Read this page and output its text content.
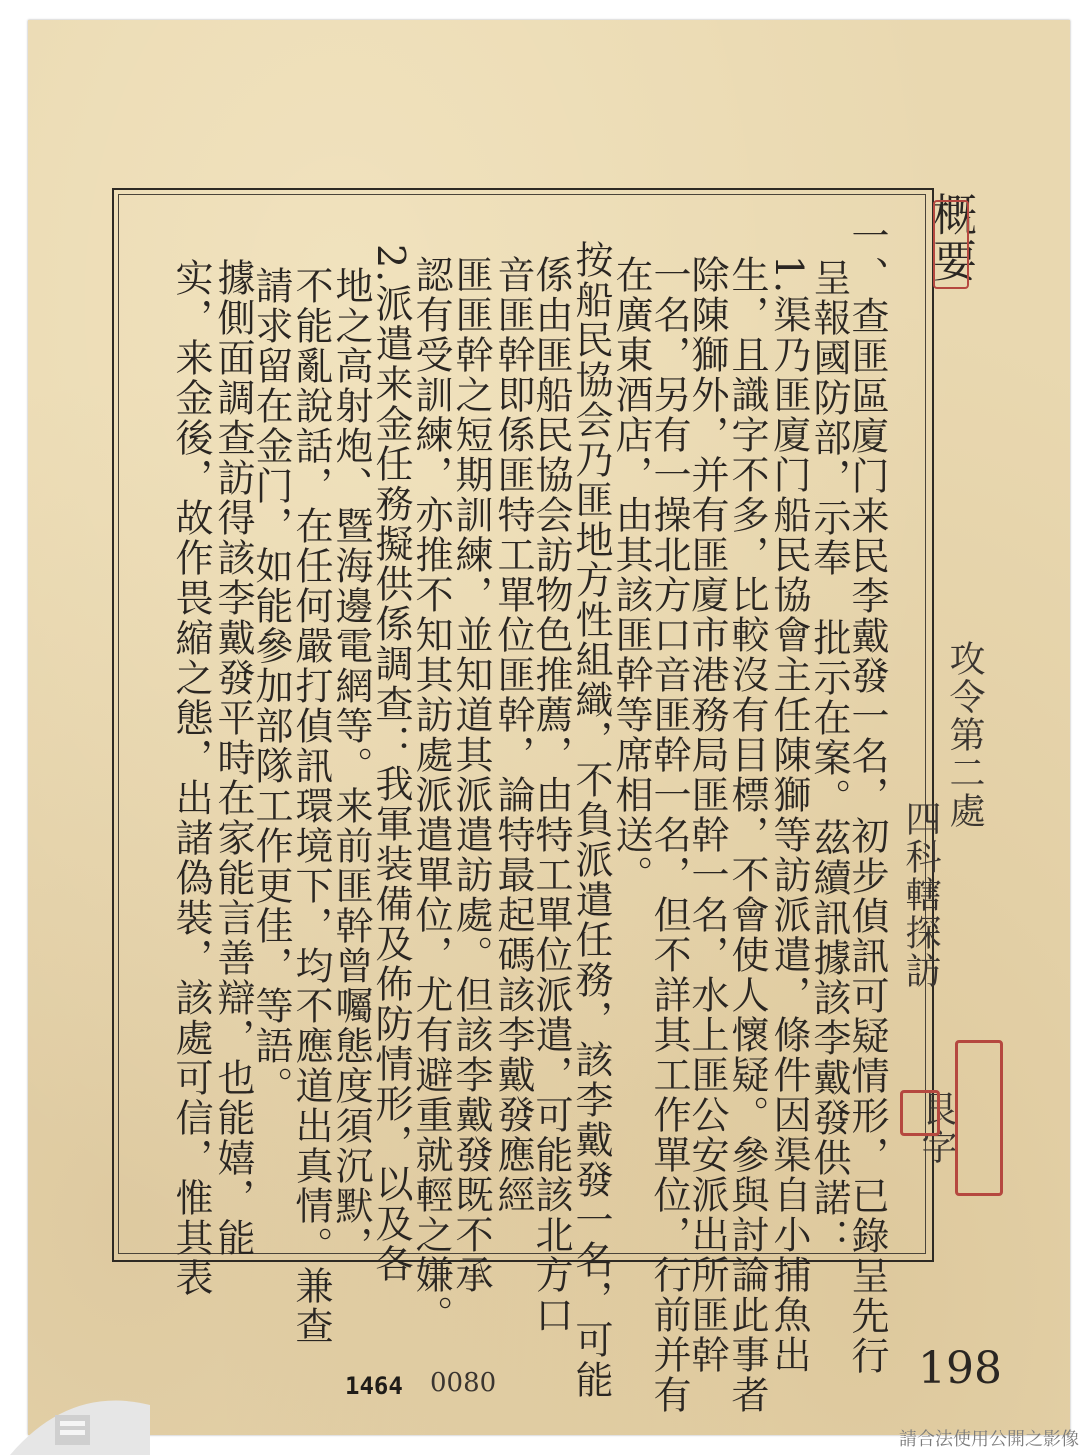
概要
攻令第二處
四科轄探訪
艮字
一、查匪區廈门来民李戴發一名，初步偵訊可疑情形，已錄呈先行
呈報國防部，示奉　批示在案。茲續訊據該李戴發供諾：
1.渠乃匪廈门船民協會主任陳獅等訪派遣，條件因渠自小捕魚出
生，且識字不多，比較沒有目標，不會使人懷疑。參與討論此事者
除陳獅外，并有匪廈市港務局匪幹一名，水上匪公安派出所匪幹
一名，另有一操北方口音匪幹一名，但不詳其工作單位，行前并有
在廣東酒店，由其該匪幹等席相送。
按船民協会乃匪地方性組織，不負派遣任務，該李戴發一名，可能
係由匪船民協会訪物色推薦，由特工單位派遣，可能該北方口
音匪幹即係匪特工單位匪幹，論特最起碼該李戴發應經
匪匪幹之短期訓練，並知道其派遣訪處。但該李戴發既不承
認有受訓練，亦推不知其訪處派遣單位，尤有避重就輕之嫌。
2.派遣来金任務擬供係調查：我軍装備及佈防情形，以及各
地之高射炮、暨海邊電網等。来前匪幹曾囑態度須沉默，
不能亂說話，在任何嚴打偵訊環境下，均不應道出真情。兼查
請求留在金门，如能參加部隊工作更佳，等語。
據側面調查訪得該李戴發平時在家能言善辯，也能嬉，能
实，来金後，故作畏縮之態，出諸偽裝，該處可信，惟其表
1464 0080	198
請合法使用公開之影像
